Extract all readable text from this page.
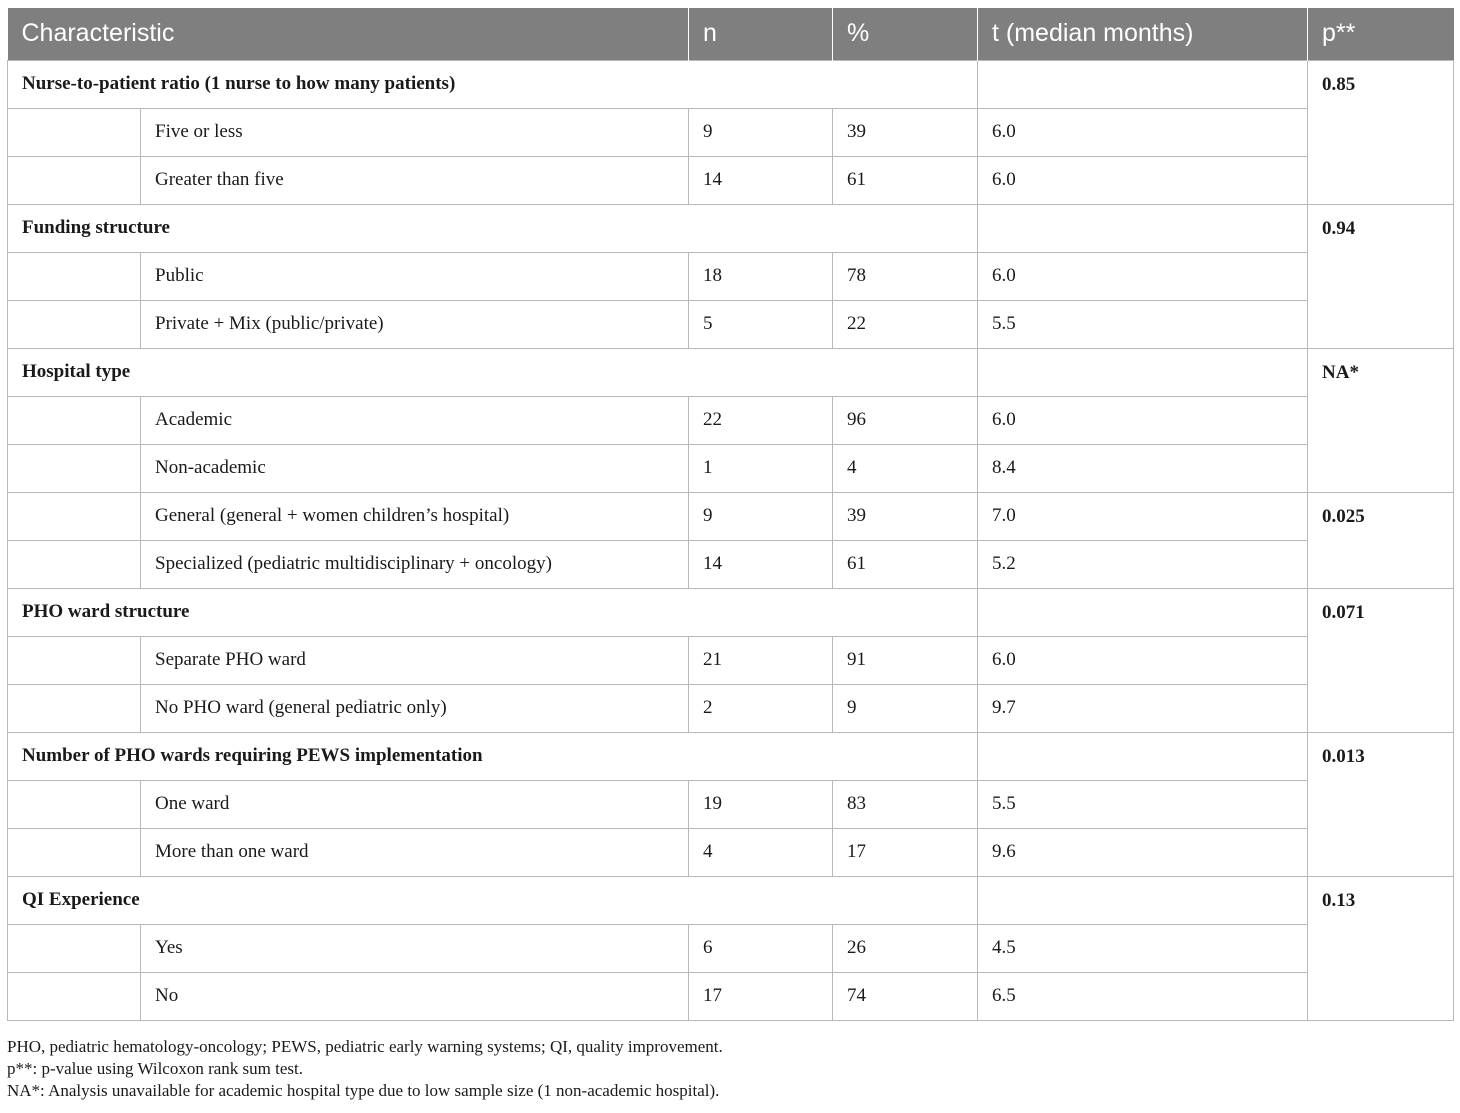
Characteristic		n	%	t (median months)	p**
Nurse-to-patient ratio (1 nurse to how many patients)					0.85
	Five or less	9	39	6.0	
	Greater than five	14	61	6.0	
Funding structure					0.94
	Public	18	78	6.0	
	Private + Mix (public/private)	5	22	5.5	
Hospital type					NA*
	Academic	22	96	6.0	
	Non-academic	1	4	8.4	
	General (general + women children’s hospital)	9	39	7.0	0.025
	Specialized (pediatric multidisciplinary + oncology)	14	61	5.2	
PHO ward structure					0.071
	Separate PHO ward	21	91	6.0	
	No PHO ward (general pediatric only)	2	9	9.7	
Number of PHO wards requiring PEWS implementation					0.013
	One ward	19	83	5.5	
	More than one ward	4	17	9.6	
QI Experience					0.13
	Yes	6	26	4.5	
	No	17	74	6.5	
PHO, pediatric hematology-oncology; PEWS, pediatric early warning systems; QI, quality improvement.
p**: p-value using Wilcoxon rank sum test.
NA*: Analysis unavailable for academic hospital type due to low sample size (1 non-academic hospital).
